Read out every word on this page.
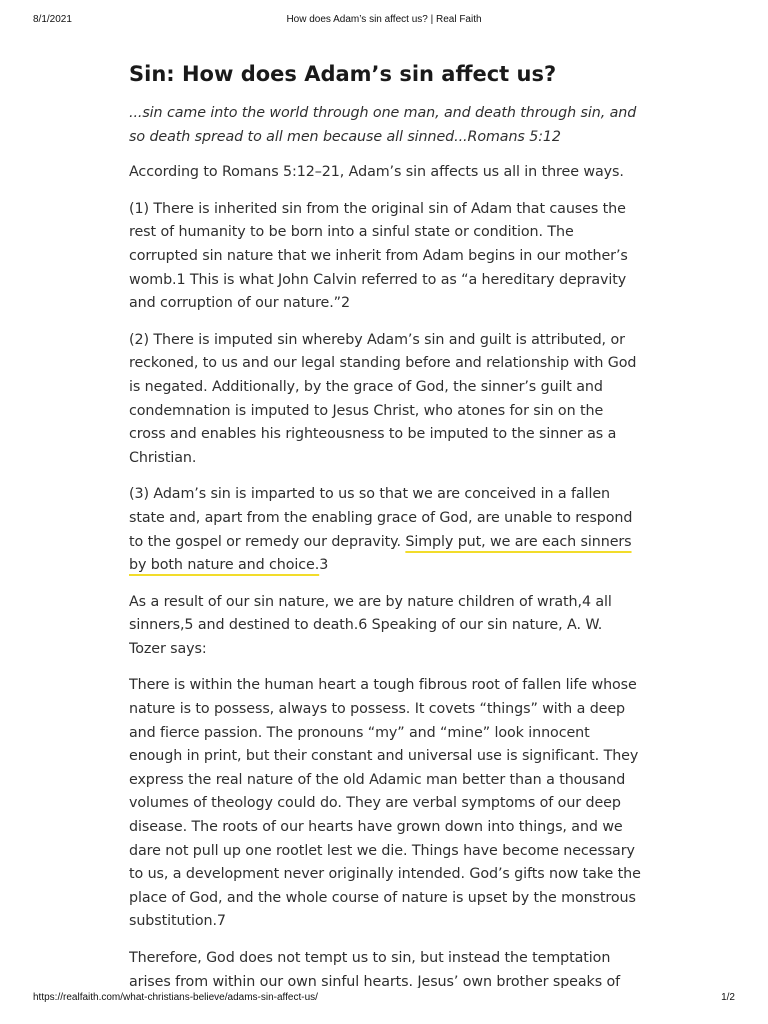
8/1/2021	How does Adam’s sin affect us? | Real Faith
Sin: How does Adam’s sin affect us?

...sin came into the world through one man, and death through sin, and so death spread to all men because all sinned...Romans 5:12

According to Romans 5:12–21, Adam’s sin affects us all in three ways.

(1) There is inherited sin from the original sin of Adam that causes the rest of humanity to be born into a sinful state or condition. The corrupted sin nature that we inherit from Adam begins in our mother’s womb.1 This is what John Calvin referred to as “a hereditary depravity and corruption of our nature.”2

(2) There is imputed sin whereby Adam’s sin and guilt is attributed, or reckoned, to us and our legal standing before and relationship with God is negated. Additionally, by the grace of God, the sinner’s guilt and condemnation is imputed to Jesus Christ, who atones for sin on the cross and enables his righteousness to be imputed to the sinner as a Christian.

(3) Adam’s sin is imparted to us so that we are conceived in a fallen state and, apart from the enabling grace of God, are unable to respond to the gospel or remedy our depravity. Simply put, we are each sinners by both nature and choice.3

As a result of our sin nature, we are by nature children of wrath,4 all sinners,5 and destined to death.6 Speaking of our sin nature, A. W. Tozer says:

There is within the human heart a tough fibrous root of fallen life whose nature is to possess, always to possess. It covets “things” with a deep and fierce passion. The pronouns “my” and “mine” look innocent enough in print, but their constant and universal use is significant. They express the real nature of the old Adamic man better than a thousand volumes of theology could do. They are verbal symptoms of our deep disease. The roots of our hearts have grown down into things, and we dare not pull up one rootlet lest we die. Things have become necessary to us, a development never originally intended. God’s gifts now take the place of God, and the whole course of nature is upset by the monstrous substitution.7

Therefore, God does not tempt us to sin, but instead the temptation arises from within our own sinful hearts. Jesus’ own brother speaks of

https://realfaith.com/what-christians-believe/adams-sin-affect-us/	1/2
